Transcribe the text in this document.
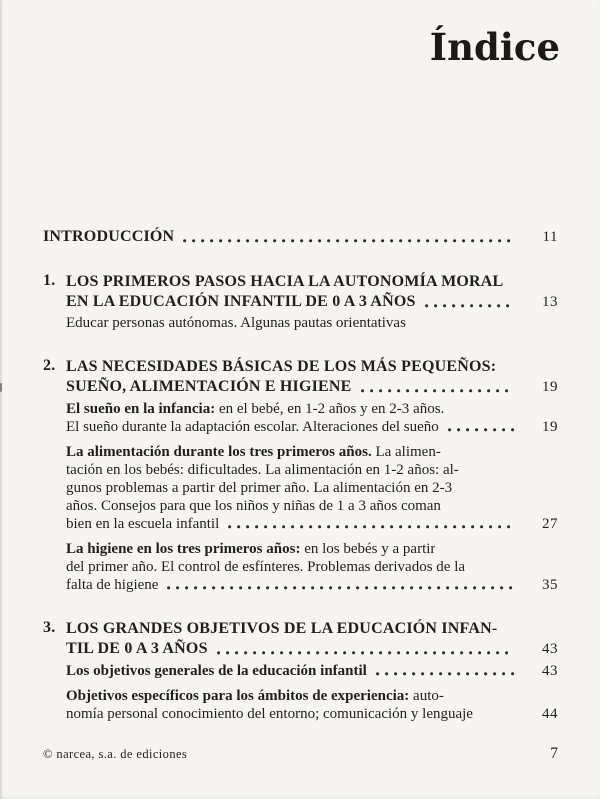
Índice
INTRODUCCIÓN	11
1. LOS PRIMEROS PASOS HACIA LA AUTONOMÍA MORAL
EN LA EDUCACIÓN INFANTIL DE 0 A 3 AÑOS	13
Educar personas autónomas. Algunas pautas orientativas
2. LAS NECESIDADES BÁSICAS DE LOS MÁS PEQUEÑOS:
SUEÑO, ALIMENTACIÓN E HIGIENE	19
El sueño en la infancia: en el bebé, en 1-2 años y en 2-3 años.
El sueño durante la adaptación escolar. Alteraciones del sueño	19
La alimentación durante los tres primeros años. La alimen-
tación en los bebés: dificultades. La alimentación en 1-2 años: al-
gunos problemas a partir del primer año. La alimentación en 2-3
años. Consejos para que los niños y niñas de 1 a 3 años coman
bien en la escuela infantil	27
La higiene en los tres primeros años: en los bebés y a partir
del primer año. El control de esfínteres. Problemas derivados de la
falta de higiene	35
3. LOS GRANDES OBJETIVOS DE LA EDUCACIÓN INFAN-
TIL DE 0 A 3 AÑOS	43
Los objetivos generales de la educación infantil	43
Objetivos específicos para los ámbitos de experiencia: auto-
nomía personal conocimiento del entorno; comunicación y lenguaje	44
© narcea, s.a. de ediciones	7
